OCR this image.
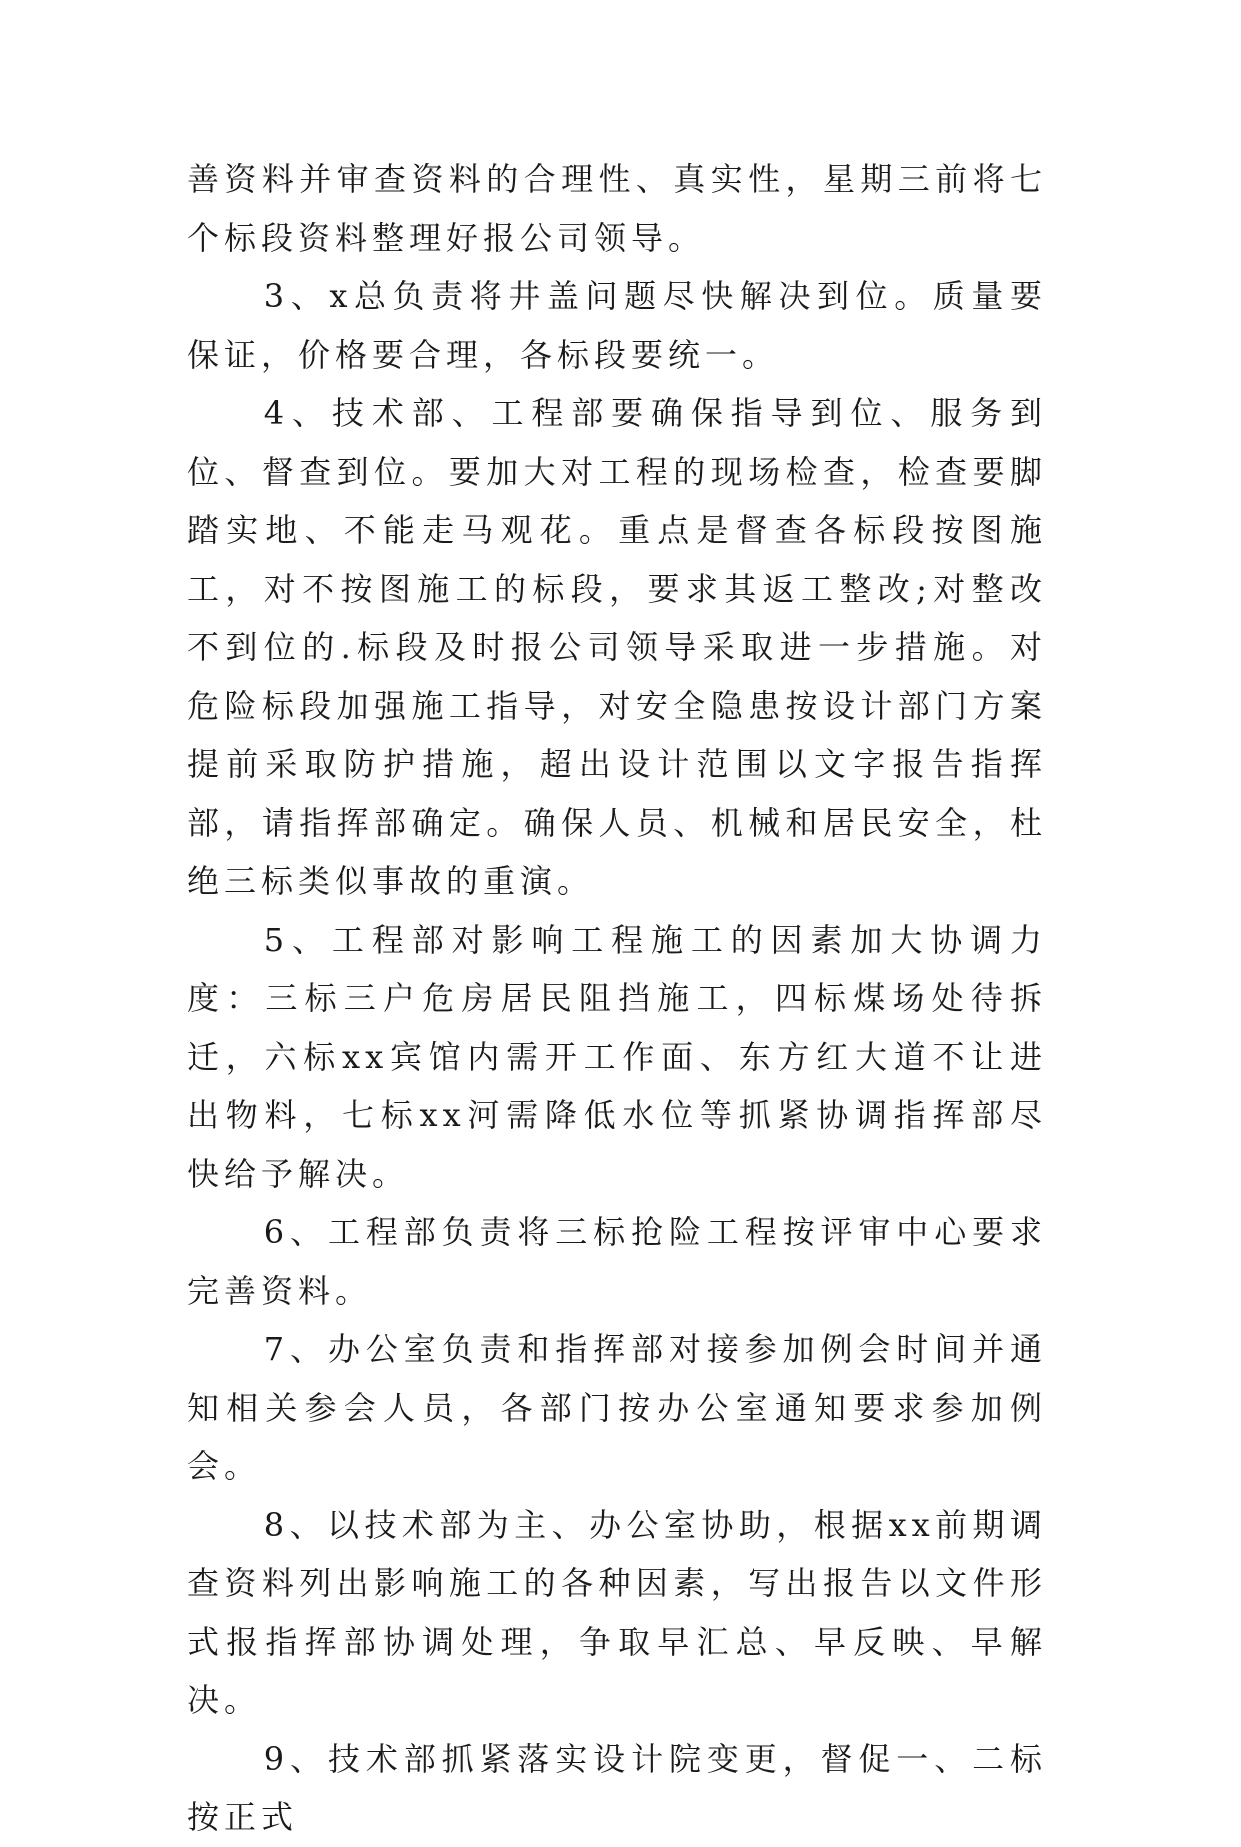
善资料并审查资料的合理性、真实性，星期三前将七个标段资料整理好报公司领导。

3、x总负责将井盖问题尽快解决到位。质量要保证，价格要合理，各标段要统一。

4、技术部、工程部要确保指导到位、服务到位、督查到位。要加大对工程的现场检查，检查要脚踏实地、不能走马观花。重点是督查各标段按图施工，对不按图施工的标段，要求其返工整改;对整改不到位的.标段及时报公司领导采取进一步措施。对危险标段加强施工指导，对安全隐患按设计部门方案提前采取防护措施，超出设计范围以文字报告指挥部，请指挥部确定。确保人员、机械和居民安全，杜绝三标类似事故的重演。

5、工程部对影响工程施工的因素加大协调力度：三标三户危房居民阻挡施工，四标煤场处待拆迁，六标xx宾馆内需开工作面、东方红大道不让进出物料，七标xx河需降低水位等抓紧协调指挥部尽快给予解决。

6、工程部负责将三标抢险工程按评审中心要求完善资料。

7、办公室负责和指挥部对接参加例会时间并通知相关参会人员，各部门按办公室通知要求参加例会。

8、以技术部为主、办公室协助，根据xx前期调查资料列出影响施工的各种因素，写出报告以文件形式报指挥部协调处理，争取早汇总、早反映、早解决。

9、技术部抓紧落实设计院变更，督促一、二标按正式
